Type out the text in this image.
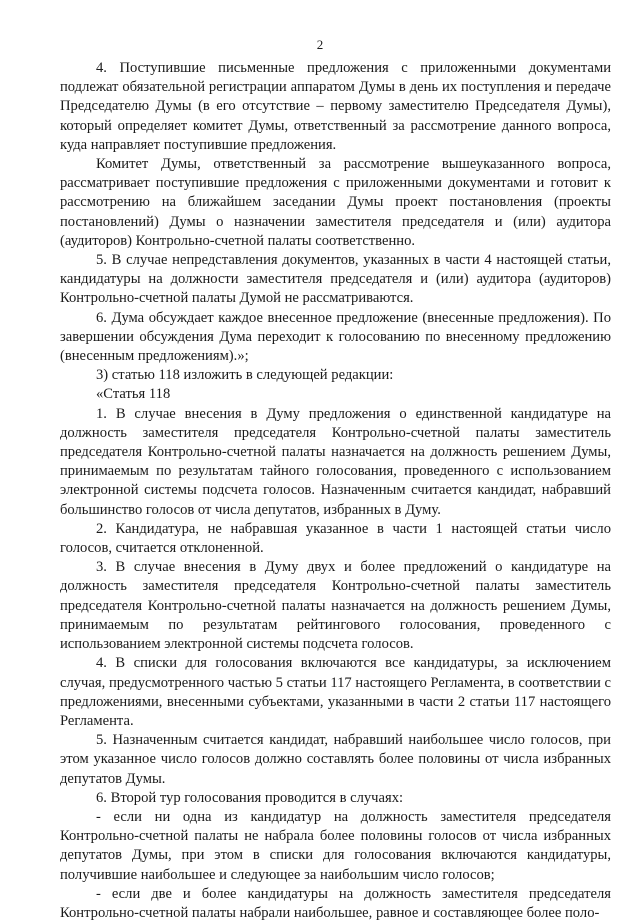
2

4. Поступившие письменные предложения с приложенными документами подлежат обязательной регистрации аппаратом Думы в день их поступления и передаче Председателю Думы (в его отсутствие – первому заместителю Председателя Думы), который определяет комитет Думы, ответственный за рассмотрение данного вопроса, куда направляет поступившие предложения.

Комитет Думы, ответственный за рассмотрение вышеуказанного вопроса, рассматривает поступившие предложения с приложенными документами и готовит к рассмотрению на ближайшем заседании Думы проект постановления (проекты постановлений) Думы о назначении заместителя председателя и (или) аудитора (аудиторов) Контрольно-счетной палаты соответственно.

5. В случае непредставления документов, указанных в части 4 настоящей статьи, кандидатуры на должности заместителя председателя и (или) аудитора (аудиторов) Контрольно-счетной палаты Думой не рассматриваются.

6. Дума обсуждает каждое внесенное предложение (внесенные предложения). По завершении обсуждения Дума переходит к голосованию по внесенному предложению (внесенным предложениям).»;

3) статью 118 изложить в следующей редакции:

«Статья 118

1. В случае внесения в Думу предложения о единственной кандидатуре на должность заместителя председателя Контрольно-счетной палаты заместитель председателя Контрольно-счетной палаты назначается на должность решением Думы, принимаемым по результатам тайного голосования, проведенного с использованием электронной системы подсчета голосов. Назначенным считается кандидат, набравший большинство голосов от числа депутатов, избранных в Думу.

2. Кандидатура, не набравшая указанное в части 1 настоящей статьи число голосов, считается отклоненной.

3. В случае внесения в Думу двух и более предложений о кандидатуре на должность заместителя председателя Контрольно-счетной палаты заместитель председателя Контрольно-счетной палаты назначается на должность решением Думы, принимаемым по результатам рейтингового голосования, проведенного с использованием электронной системы подсчета голосов.

4. В списки для голосования включаются все кандидатуры, за исключением случая, предусмотренного частью 5 статьи 117 настоящего Регламента, в соответствии с предложениями, внесенными субъектами, указанными в части 2 статьи 117 настоящего Регламента.

5. Назначенным считается кандидат, набравший наибольшее число голосов, при этом указанное число голосов должно составлять более половины от числа избранных депутатов Думы.

6. Второй тур голосования проводится в случаях:

- если ни одна из кандидатур на должность заместителя председателя Контрольно-счетной палаты не набрала более половины голосов от числа избранных депутатов Думы, при этом в списки для голосования включаются кандидатуры, получившие наибольшее и следующее за наибольшим число голосов;

- если две и более кандидатуры на должность заместителя председателя Контрольно-счетной палаты набрали наибольшее, равное и составляющее более поло-
